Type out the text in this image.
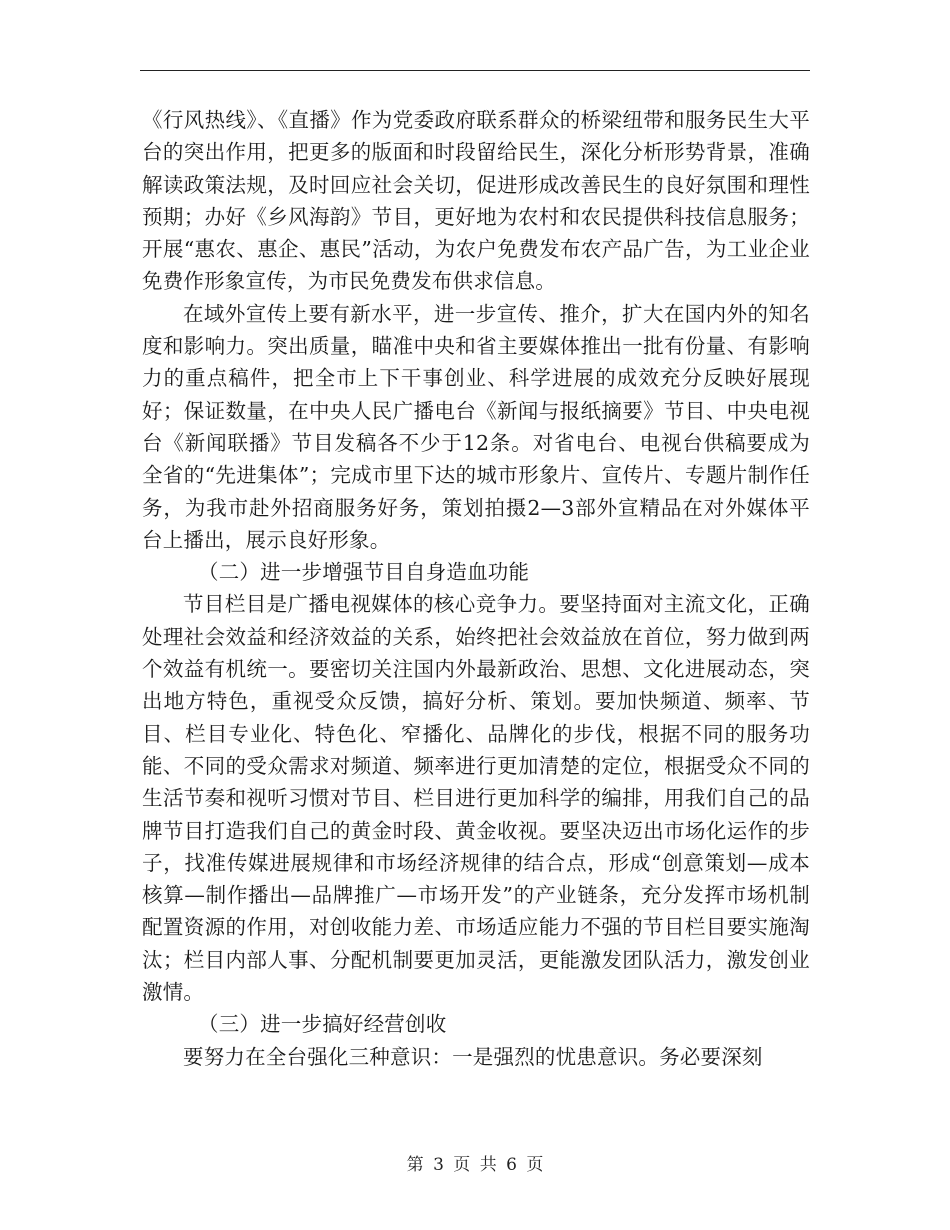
《行风热线》、《直播》作为党委政府联系群众的桥梁纽带和服务民生大平台的突出作用，把更多的版面和时段留给民生，深化分析形势背景，准确解读政策法规，及时回应社会关切，促进形成改善民生的良好氛围和理性预期；办好《乡风海韵》节目，更好地为农村和农民提供科技信息服务；开展“惠农、惠企、惠民”活动，为农户免费发布农产品广告，为工业企业免费作形象宣传，为市民免费发布供求信息。

在域外宣传上要有新水平，进一步宣传、推介，扩大在国内外的知名度和影响力。突出质量，瞄准中央和省主要媒体推出一批有份量、有影响力的重点稿件，把全市上下干事创业、科学进展的成效充分反映好展现好；保证数量，在中央人民广播电台《新闻与报纸摘要》节目、中央电视台《新闻联播》节目发稿各不少于12条。对省电台、电视台供稿要成为全省的“先进集体”；完成市里下达的城市形象片、宣传片、专题片制作任务，为我市赴外招商服务好务，策划拍摄2—3部外宣精品在对外媒体平台上播出，展示良好形象。

（二）进一步增强节目自身造血功能

节目栏目是广播电视媒体的核心竞争力。要坚持面对主流文化，正确处理社会效益和经济效益的关系，始终把社会效益放在首位，努力做到两个效益有机统一。要密切关注国内外最新政治、思想、文化进展动态，突出地方特色，重视受众反馈，搞好分析、策划。要加快频道、频率、节目、栏目专业化、特色化、窄播化、品牌化的步伐，根据不同的服务功能、不同的受众需求对频道、频率进行更加清楚的定位，根据受众不同的生活节奏和视听习惯对节目、栏目进行更加科学的编排，用我们自己的品牌节目打造我们自己的黄金时段、黄金收视。要坚决迈出市场化运作的步子，找准传媒进展规律和市场经济规律的结合点，形成“创意策划—成本核算—制作播出—品牌推广—市场开发”的产业链条，充分发挥市场机制配置资源的作用，对创收能力差、市场适应能力不强的节目栏目要实施淘汰；栏目内部人事、分配机制要更加灵活，更能激发团队活力，激发创业激情。

（三）进一步搞好经营创收

要努力在全台强化三种意识：一是强烈的忧患意识。务必要深刻

第 3 页 共 6 页
